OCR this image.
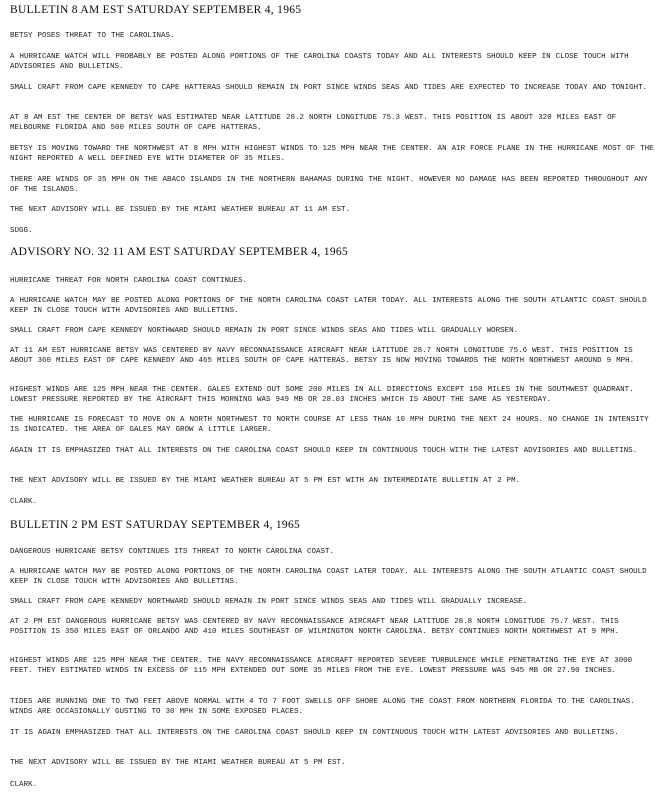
BULLETIN 8 AM EST SATURDAY SEPTEMBER 4, 1965
BETSY POSES THREAT TO THE CAROLINAS.
A HURRICANE WATCH WILL PROBABLY BE POSTED ALONG PORTIONS OF THE CAROLINA COASTS TODAY AND ALL INTERESTS SHOULD KEEP IN CLOSE TOUCH WITH ADVISORIES AND BULLETINS.
SMALL CRAFT FROM CAPE KENNEDY TO CAPE HATTERAS SHOULD REMAIN IN PORT SINCE WINDS SEAS AND TIDES ARE EXPECTED TO INCREASE TODAY AND TONIGHT.
AT 8 AM EST THE CENTER OF BETSY WAS ESTIMATED NEAR LATITUDE 28.2 NORTH LONGITUDE 75.3 WEST. THIS POSITION IS ABOUT 320 MILES EAST OF MELBOURNE FLORIDA AND 500 MILES SOUTH OF CAPE HATTERAS.
BETSY IS MOVING TOWARD THE NORTHWEST AT 8 MPH WITH HIGHEST WINDS TO 125 MPH NEAR THE CENTER. AN AIR FORCE PLANE IN THE HURRICANE MOST OF THE NIGHT REPORTED A WELL DEFINED EYE WITH DIAMETER OF 35 MILES.
THERE ARE WINDS OF 35 MPH ON THE ABACO ISLANDS IN THE NORTHERN BAHAMAS DURING THE NIGHT. HOWEVER NO DAMAGE HAS BEEN REPORTED THROUGHOUT ANY OF THE ISLANDS.
THE NEXT ADVISORY WILL BE ISSUED BY THE MIAMI WEATHER BUREAU AT 11 AM EST.
SUGG.
ADVISORY NO. 32 11 AM EST SATURDAY SEPTEMBER 4, 1965
HURRICANE THREAT FOR NORTH CAROLINA COAST CONTINUES.
A HURRICANE WATCH MAY BE POSTED ALONG PORTIONS OF THE NORTH CAROLINA COAST LATER TODAY. ALL INTERESTS ALONG THE SOUTH ATLANTIC COAST SHOULD KEEP IN CLOSE TOUCH WITH ADVISORIES AND BULLETINS.
SMALL CRAFT FROM CAPE KENNEDY NORTHWARD SHOULD REMAIN IN PORT SINCE WINDS SEAS AND TIDES WILL GRADUALLY WORSEN.
AT 11 AM EST HURRICANE BETSY WAS CENTERED BY NAVY RECONNAISSANCE AIRCRAFT NEAR LATITUDE 28.7 NORTH LONGITUDE 75.6 WEST. THIS POSITION IS ABOUT 360 MILES EAST OF CAPE KENNEDY AND 465 MILES SOUTH OF CAPE HATTERAS. BETSY IS NOW MOVING TOWARDS THE NORTH NORTHWEST AROUND 9 MPH.
HIGHEST WINDS ARE 125 MPH NEAR THE CENTER. GALES EXTEND OUT SOME 200 MILES IN ALL DIRECTIONS EXCEPT 150 MILES IN THE SOUTHWEST QUADRANT. LOWEST PRESSURE REPORTED BY THE AIRCRAFT THIS MORNING WAS 949 MB OR 28.03 INCHES WHICH IS ABOUT THE SAME AS YESTERDAY.
THE HURRICANE IS FORECAST TO MOVE ON A NORTH NORTHWEST TO NORTH COURSE AT LESS THAN 10 MPH DURING THE NEXT 24 HOURS. NO CHANGE IN INTENSITY IS INDICATED. THE AREA OF GALES MAY GROW A LITTLE LARGER.
AGAIN IT IS EMPHASIZED THAT ALL INTERESTS ON THE CAROLINA COAST SHOULD KEEP IN CONTINUOUS TOUCH WITH THE LATEST ADVISORIES AND BULLETINS.
THE NEXT ADVISORY WILL BE ISSUED BY THE MIAMI WEATHER BUREAU AT 5 PM EST WITH AN INTERMEDIATE BULLETIN AT 2 PM.
CLARK.
BULLETIN 2 PM EST SATURDAY SEPTEMBER 4, 1965
DANGEROUS HURRICANE BETSY CONTINUES ITS THREAT TO NORTH CAROLINA COAST.
A HURRICANE WATCH MAY BE POSTED ALONG PORTIONS OF THE NORTH CAROLINA COAST LATER TODAY. ALL INTERESTS ALONG THE SOUTH ATLANTIC COAST SHOULD KEEP IN CLOSE TOUCH WITH ADVISORIES AND BULLETINS.
SMALL CRAFT FROM CAPE KENNEDY NORTHWARD SHOULD REMAIN IN PORT SINCE WINDS SEAS AND TIDES WILL GRADUALLY INCREASE.
AT 2 PM EST DANGEROUS HURRICANE BETSY WAS CENTERED BY NAVY RECONNAISSANCE AIRCRAFT NEAR LATITUDE 28.8 NORTH LONGITUDE 75.7 WEST. THIS POSITION IS 350 MILES EAST OF ORLANDO AND 410 MILES SOUTHEAST OF WILMINGTON NORTH CAROLINA. BETSY CONTINUES NORTH NORTHWEST AT 9 MPH.
HIGHEST WINDS ARE 125 MPH NEAR THE CENTER. THE NAVY RECONNAISSANCE AIRCRAFT REPORTED SEVERE TURBULENCE WHILE PENETRATING THE EYE AT 3000 FEET. THEY ESTIMATED WINDS IN EXCESS OF 115 MPH EXTENDED OUT SOME 35 MILES FROM THE EYE. LOWEST PRESSURE WAS 945 MB OR 27.90 INCHES.
TIDES ARE RUNNING ONE TO TWO FEET ABOVE NORMAL WITH 4 TO 7 FOOT SWELLS OFF SHORE ALONG THE COAST FROM NORTHERN FLORIDA TO THE CAROLINAS. WINDS ARE OCCASIONALLY GUSTING TO 30 MPH IN SOME EXPOSED PLACES.
IT IS AGAIN EMPHASIZED THAT ALL INTERESTS ON THE CAROLINA COAST SHOULD KEEP IN CONTINUOUS TOUCH WITH LATEST ADVISORIES AND BULLETINS.
THE NEXT ADVISORY WILL BE ISSUED BY THE MIAMI WEATHER BUREAU AT 5 PM EST.
CLARK.
